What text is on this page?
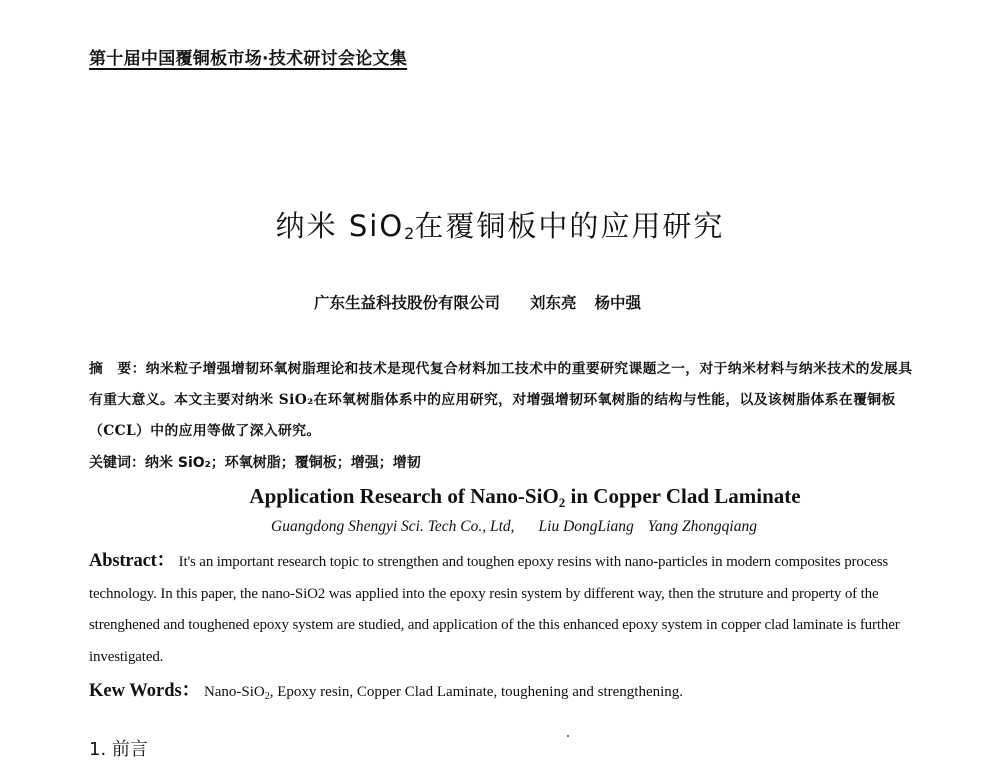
第十届中国覆铜板市场·技术研讨会论文集
纳米 SiO2在覆铜板中的应用研究
广东生益科技股份有限公司 刘东亮 杨中强
摘　要：纳米粒子增强增韧环氧树脂理论和技术是现代复合材料加工技术中的重要研究课题之一，对于纳米材料与纳米技术的发展具有重大意义。本文主要对纳米 SiO₂在环氧树脂体系中的应用研究，对增强增韧环氧树脂的结构与性能，以及该树脂体系在覆铜板（CCL）中的应用等做了深入研究。
关键词：纳米 SiO₂；环氧树脂；覆铜板；增强；增韧
Application Research of Nano-SiO$_2$ in Copper Clad Laminate
Guangdong Shengyi Sci. Tech Co., Ltd, Liu DongLiang Yang Zhongqiang
Abstract： It's an important research topic to strengthen and toughen epoxy resins with nano-particles in modern composites process technology. In this paper, the nano-SiO2 was applied into the epoxy resin system by different way, then the struture and property of the strenghened and toughened epoxy system are studied, and application of the this enhanced epoxy system in copper clad laminate is further investigated.
Kew Words： Nano-SiO$_2$, Epoxy resin, Copper Clad Laminate, toughening and strengthening.
1. 前言
